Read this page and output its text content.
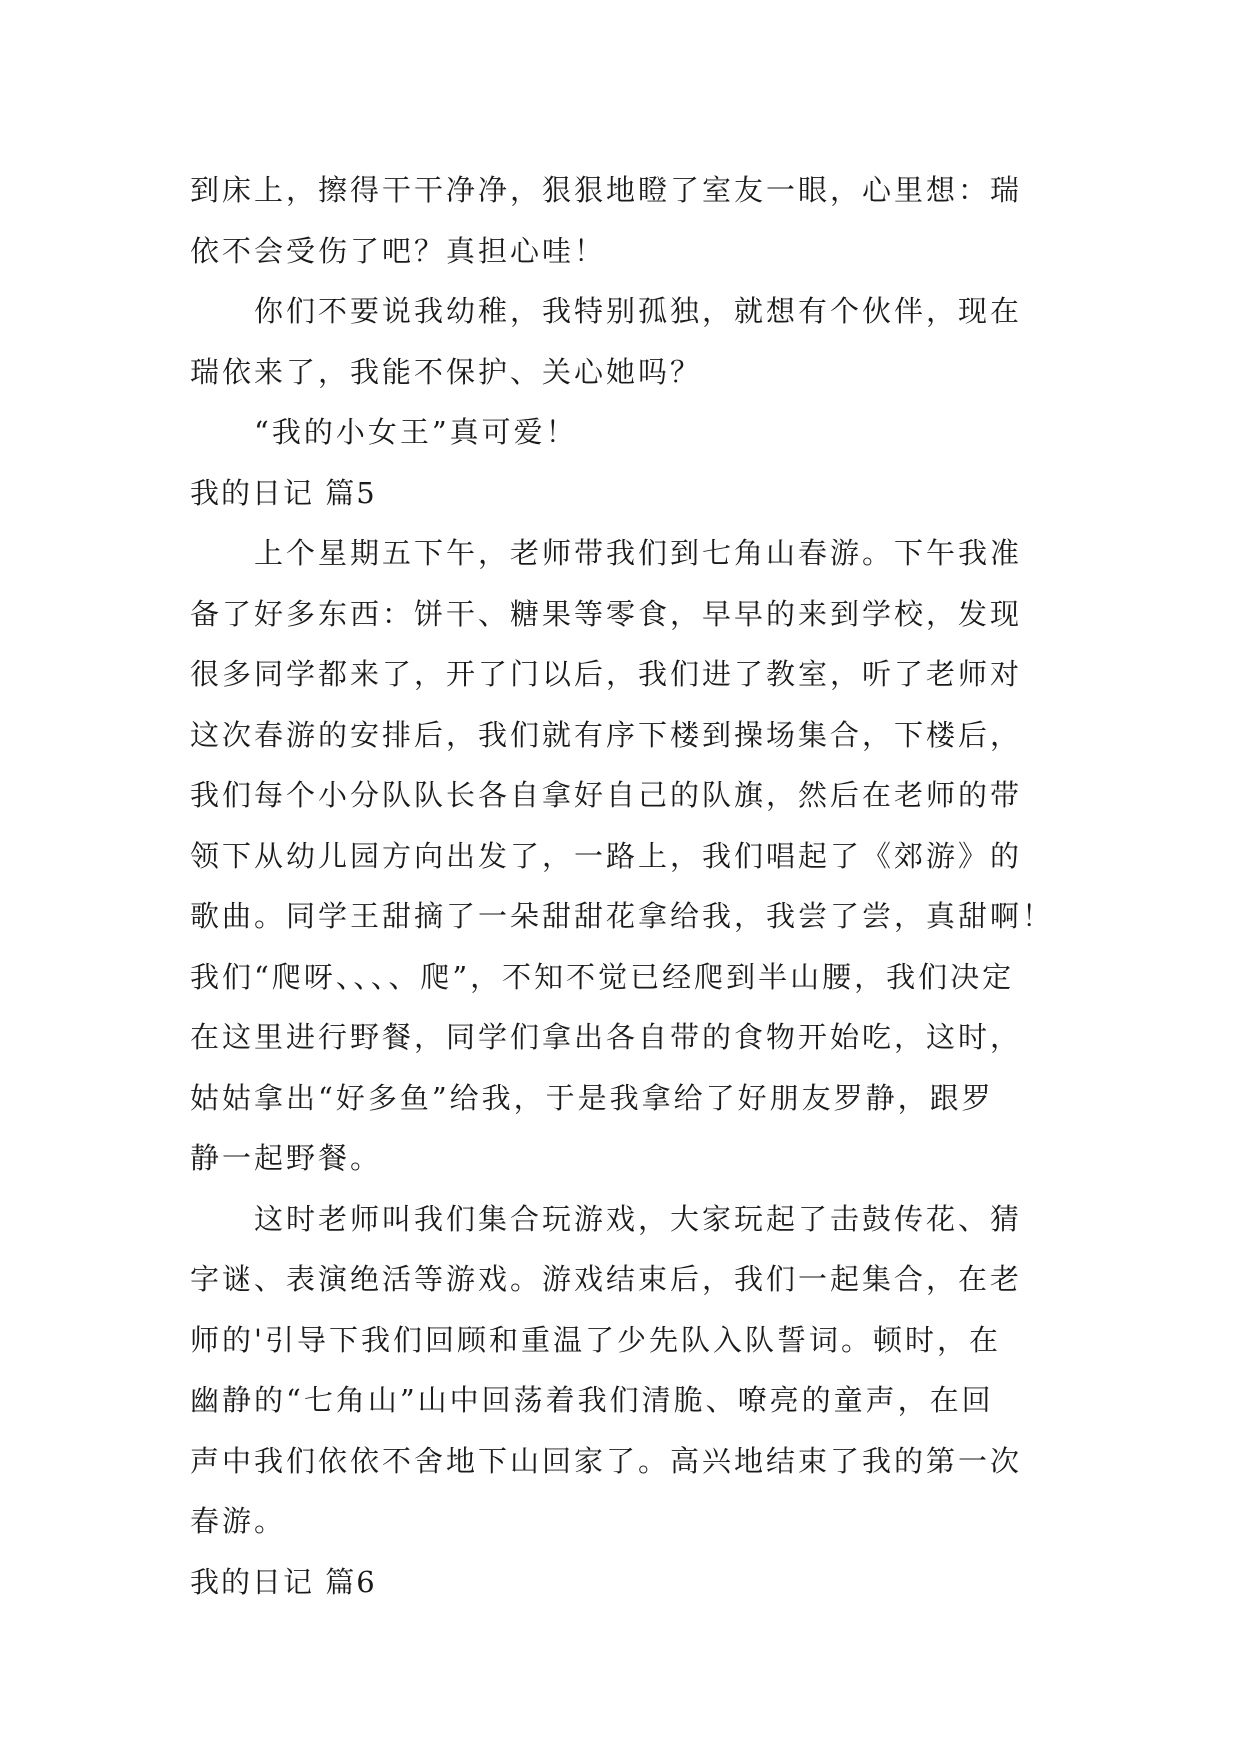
到床上，擦得干干净净，狠狠地瞪了室友一眼，心里想：瑞
依不会受伤了吧？真担心哇！
你们不要说我幼稚，我特别孤独，就想有个伙伴，现在
瑞依来了，我能不保护、关心她吗？
“我的小女王”真可爱！
我的日记 篇5
上个星期五下午，老师带我们到七角山春游。下午我准
备了好多东西：饼干、糖果等零食，早早的来到学校，发现
很多同学都来了，开了门以后，我们进了教室，听了老师对
这次春游的安排后，我们就有序下楼到操场集合，下楼后，
我们每个小分队队长各自拿好自己的队旗，然后在老师的带
领下从幼儿园方向出发了，一路上，我们唱起了《郊游》的
歌曲。同学王甜摘了一朵甜甜花拿给我，我尝了尝，真甜啊！
我们“爬呀、、、、爬”，不知不觉已经爬到半山腰，我们决定
在这里进行野餐，同学们拿出各自带的食物开始吃，这时，
姑姑拿出“好多鱼”给我，于是我拿给了好朋友罗静，跟罗
静一起野餐。
这时老师叫我们集合玩游戏，大家玩起了击鼓传花、猜
字谜、表演绝活等游戏。游戏结束后，我们一起集合，在老
师的'引导下我们回顾和重温了少先队入队誓词。顿时，在
幽静的“七角山”山中回荡着我们清脆、嘹亮的童声，在回
声中我们依依不舍地下山回家了。高兴地结束了我的第一次
春游。
我的日记 篇6
